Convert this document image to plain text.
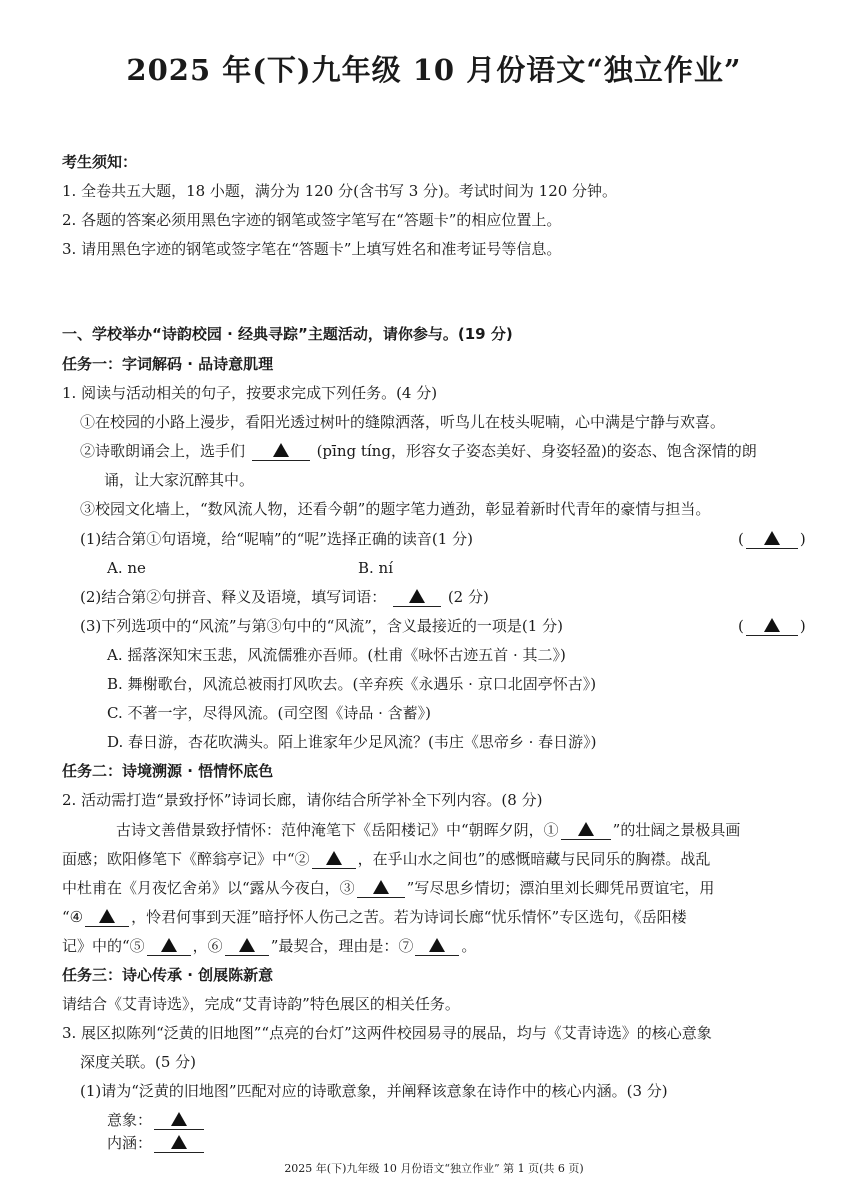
2025 年(下)九年级 10 月份语文“独立作业”
考生须知：
1. 全卷共五大题，18 小题，满分为 120 分(含书写 3 分)。考试时间为 120 分钟。
2. 各题的答案必须用黑色字迹的钢笔或签字笔写在“答题卡”的相应位置上。
3. 请用黑色字迹的钢笔或签字笔在“答题卡”上填写姓名和准考证号等信息。
一、学校举办“诗韵校园 · 经典寻踪”主题活动，请你参与。(19 分)
任务一：字词解码 · 品诗意肌理
1. 阅读与活动相关的句子，按要求完成下列任务。(4 分)
①在校园的小路上漫步，看阳光透过树叶的缝隙洒落，听鸟儿在枝头呢喃，心中满是宁静与欢喜。
②诗歌朗诵会上，选手们	(pīng tíng，形容女子姿态美好、身姿轻盈)的姿态、饱含深情的朗
诵，让大家沉醉其中。
③校园文化墙上，“数风流人物，还看今朝”的题字笔力遒劲，彰显着新时代青年的豪情与担当。
(1)结合第①句语境，给“呢喃”的“呢”选择正确的读音(1 分)	(	)
A. ne	B. ní
(2)结合第②句拼音、释义及语境，填写词语：	(2 分)
(3)下列选项中的“风流”与第③句中的“风流”，含义最接近的一项是(1 分)	(	)
A. 摇落深知宋玉悲，风流儒雅亦吾师。(杜甫《咏怀古迹五首 · 其二》)
B. 舞榭歌台，风流总被雨打风吹去。(辛弃疾《永遇乐 · 京口北固亭怀古》)
C. 不著一字，尽得风流。(司空图《诗品 · 含蓄》)
D. 春日游，杏花吹满头。陌上谁家年少足风流？(韦庄《思帝乡 · 春日游》)
任务二：诗境溯源 · 悟情怀底色
2. 活动需打造“景致抒怀”诗词长廊，请你结合所学补全下列内容。(8 分)
古诗文善借景致抒情怀：范仲淹笔下《岳阳楼记》中“朝晖夕阴，①	”的壮阔之景极具画
面感；欧阳修笔下《醉翁亭记》中“②	，在乎山水之间也”的感慨暗藏与民同乐的胸襟。战乱
中杜甫在《月夜忆舍弟》以“露从今夜白，③	”写尽思乡情切；漂泊里刘长卿凭吊贾谊宅，用
“④	，怜君何事到天涯”暗抒怀人伤己之苦。若为诗词长廊“忧乐情怀”专区选句，《岳阳楼
记》中的“⑤	，⑥	”最契合，理由是：⑦	。
任务三：诗心传承 · 创展陈新意
请结合《艾青诗选》，完成“艾青诗韵”特色展区的相关任务。
3. 展区拟陈列“泛黄的旧地图”“点亮的台灯”这两件校园易寻的展品，均与《艾青诗选》的核心意象
深度关联。(5 分)
(1)请为“泛黄的旧地图”匹配对应的诗歌意象，并阐释该意象在诗作中的核心内涵。(3 分)
意象：
2025 年(下)九年级 10 月份语文“独立作业” 第 1 页(共 6 页)
内涵：
